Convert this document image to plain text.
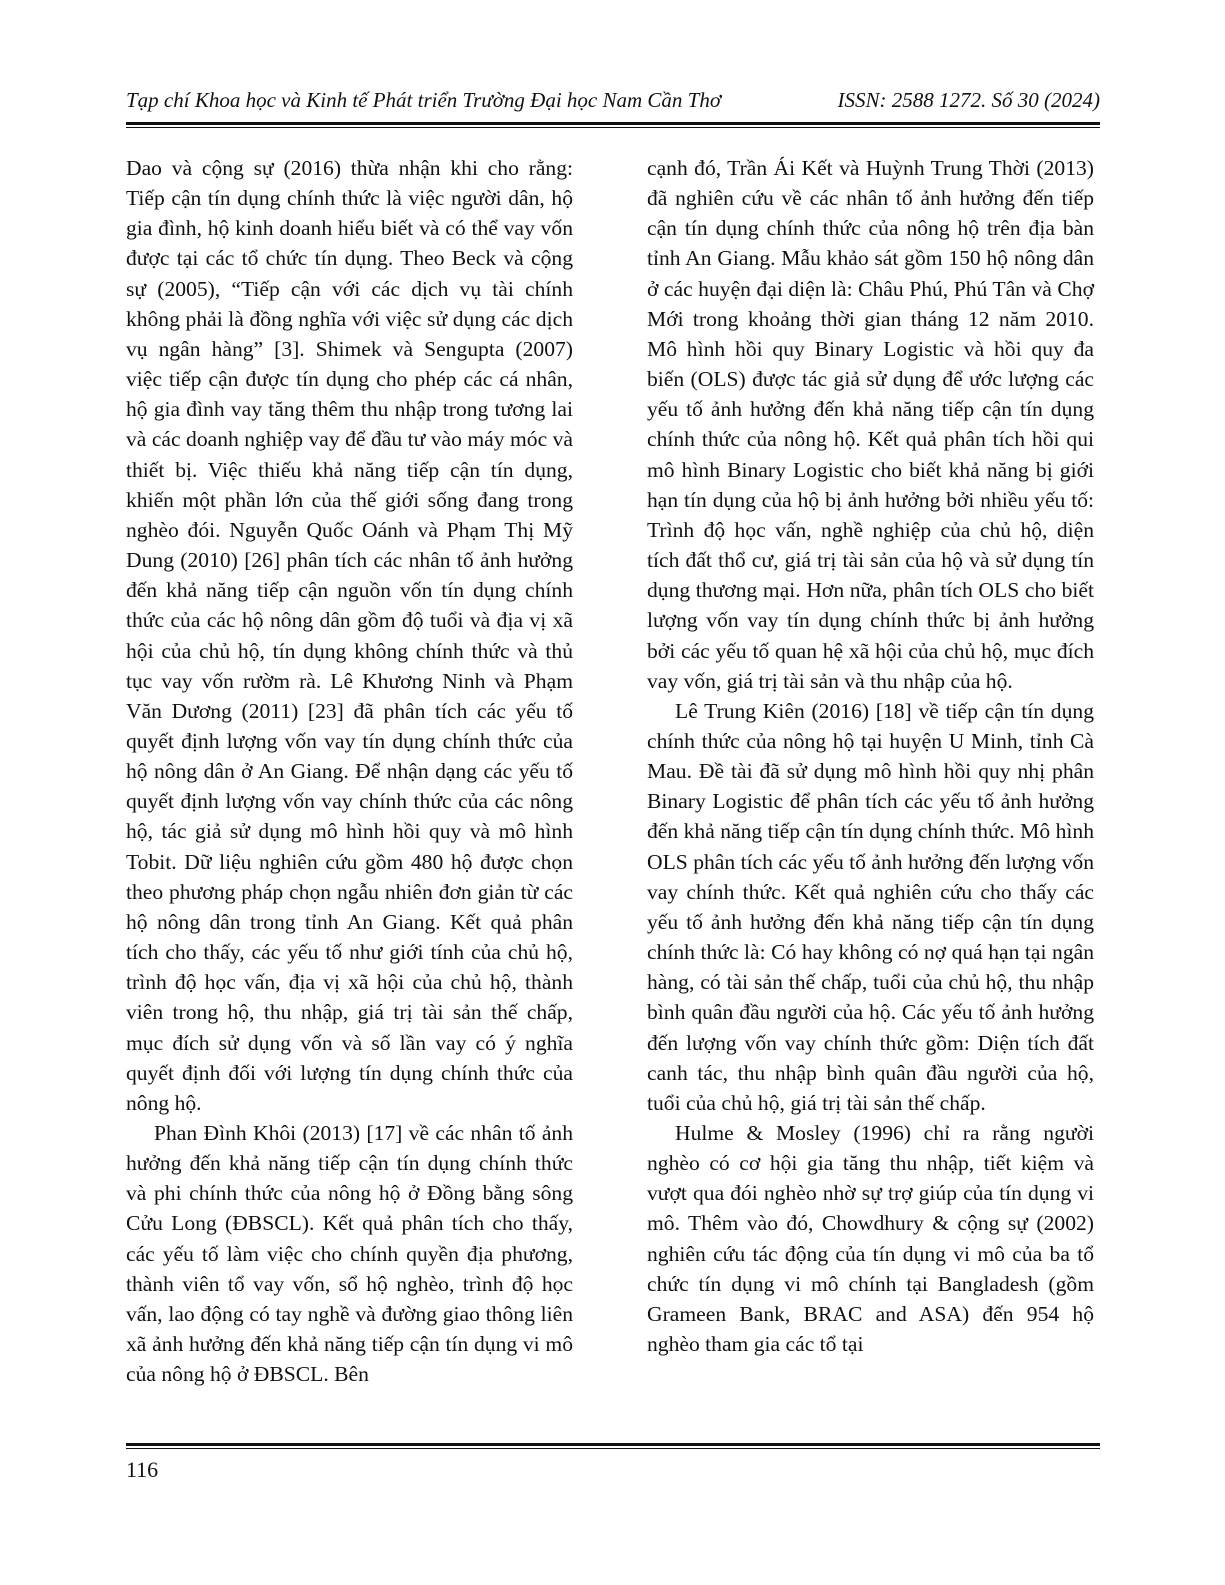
Tạp chí Khoa học và Kinh tế Phát triển Trường Đại học Nam Cần Thơ	ISSN: 2588 1272. Số 30 (2024)

Dao và cộng sự (2016) thừa nhận khi cho rằng: Tiếp cận tín dụng chính thức là việc người dân, hộ gia đình, hộ kinh doanh hiểu biết và có thể vay vốn được tại các tổ chức tín dụng. Theo Beck và cộng sự (2005), “Tiếp cận với các dịch vụ tài chính không phải là đồng nghĩa với việc sử dụng các dịch vụ ngân hàng” [3]. Shimek và Sengupta (2007) việc tiếp cận được tín dụng cho phép các cá nhân, hộ gia đình vay tăng thêm thu nhập trong tương lai và các doanh nghiệp vay để đầu tư vào máy móc và thiết bị. Việc thiếu khả năng tiếp cận tín dụng, khiến một phần lớn của thế giới sống đang trong nghèo đói. Nguyễn Quốc Oánh và Phạm Thị Mỹ Dung (2010) [26] phân tích các nhân tố ảnh hưởng đến khả năng tiếp cận nguồn vốn tín dụng chính thức của các hộ nông dân gồm độ tuổi và địa vị xã hội của chủ hộ, tín dụng không chính thức và thủ tục vay vốn rườm rà. Lê Khương Ninh và Phạm Văn Dương (2011) [23] đã phân tích các yếu tố quyết định lượng vốn vay tín dụng chính thức của hộ nông dân ở An Giang. Để nhận dạng các yếu tố quyết định lượng vốn vay chính thức của các nông hộ, tác giả sử dụng mô hình hồi quy và mô hình Tobit. Dữ liệu nghiên cứu gồm 480 hộ được chọn theo phương pháp chọn ngẫu nhiên đơn giản từ các hộ nông dân trong tỉnh An Giang. Kết quả phân tích cho thấy, các yếu tố như giới tính của chủ hộ, trình độ học vấn, địa vị xã hội của chủ hộ, thành viên trong hộ, thu nhập, giá trị tài sản thế chấp, mục đích sử dụng vốn và số lần vay có ý nghĩa quyết định đối với lượng tín dụng chính thức của nông hộ.

Phan Đình Khôi (2013) [17] về các nhân tố ảnh hưởng đến khả năng tiếp cận tín dụng chính thức và phi chính thức của nông hộ ở Đồng bằng sông Cửu Long (ĐBSCL). Kết quả phân tích cho thấy, các yếu tố làm việc cho chính quyền địa phương, thành viên tổ vay vốn, sổ hộ nghèo, trình độ học vấn, lao động có tay nghề và đường giao thông liên xã ảnh hưởng đến khả năng tiếp cận tín dụng vi mô của nông hộ ở ĐBSCL. Bên

cạnh đó, Trần Ái Kết và Huỳnh Trung Thời (2013) đã nghiên cứu về các nhân tố ảnh hưởng đến tiếp cận tín dụng chính thức của nông hộ trên địa bàn tỉnh An Giang. Mẫu khảo sát gồm 150 hộ nông dân ở các huyện đại diện là: Châu Phú, Phú Tân và Chợ Mới trong khoảng thời gian tháng 12 năm 2010. Mô hình hồi quy Binary Logistic và hồi quy đa biến (OLS) được tác giả sử dụng để ước lượng các yếu tố ảnh hưởng đến khả năng tiếp cận tín dụng chính thức của nông hộ. Kết quả phân tích hồi qui mô hình Binary Logistic cho biết khả năng bị giới hạn tín dụng của hộ bị ảnh hưởng bởi nhiều yếu tố: Trình độ học vấn, nghề nghiệp của chủ hộ, diện tích đất thổ cư, giá trị tài sản của hộ và sử dụng tín dụng thương mại. Hơn nữa, phân tích OLS cho biết lượng vốn vay tín dụng chính thức bị ảnh hưởng bởi các yếu tố quan hệ xã hội của chủ hộ, mục đích vay vốn, giá trị tài sản và thu nhập của hộ.

Lê Trung Kiên (2016) [18] về tiếp cận tín dụng chính thức của nông hộ tại huyện U Minh, tỉnh Cà Mau. Đề tài đã sử dụng mô hình hồi quy nhị phân Binary Logistic để phân tích các yếu tố ảnh hưởng đến khả năng tiếp cận tín dụng chính thức. Mô hình OLS phân tích các yếu tố ảnh hưởng đến lượng vốn vay chính thức. Kết quả nghiên cứu cho thấy các yếu tố ảnh hưởng đến khả năng tiếp cận tín dụng chính thức là: Có hay không có nợ quá hạn tại ngân hàng, có tài sản thế chấp, tuổi của chủ hộ, thu nhập bình quân đầu người của hộ. Các yếu tố ảnh hưởng đến lượng vốn vay chính thức gồm: Diện tích đất canh tác, thu nhập bình quân đầu người của hộ, tuổi của chủ hộ, giá trị tài sản thế chấp.

Hulme & Mosley (1996) chỉ ra rằng người nghèo có cơ hội gia tăng thu nhập, tiết kiệm và vượt qua đói nghèo nhờ sự trợ giúp của tín dụng vi mô. Thêm vào đó, Chowdhury & cộng sự (2002) nghiên cứu tác động của tín dụng vi mô của ba tổ chức tín dụng vi mô chính tại Bangladesh (gồm Grameen Bank, BRAC and ASA) đến 954 hộ nghèo tham gia các tổ tại

116
